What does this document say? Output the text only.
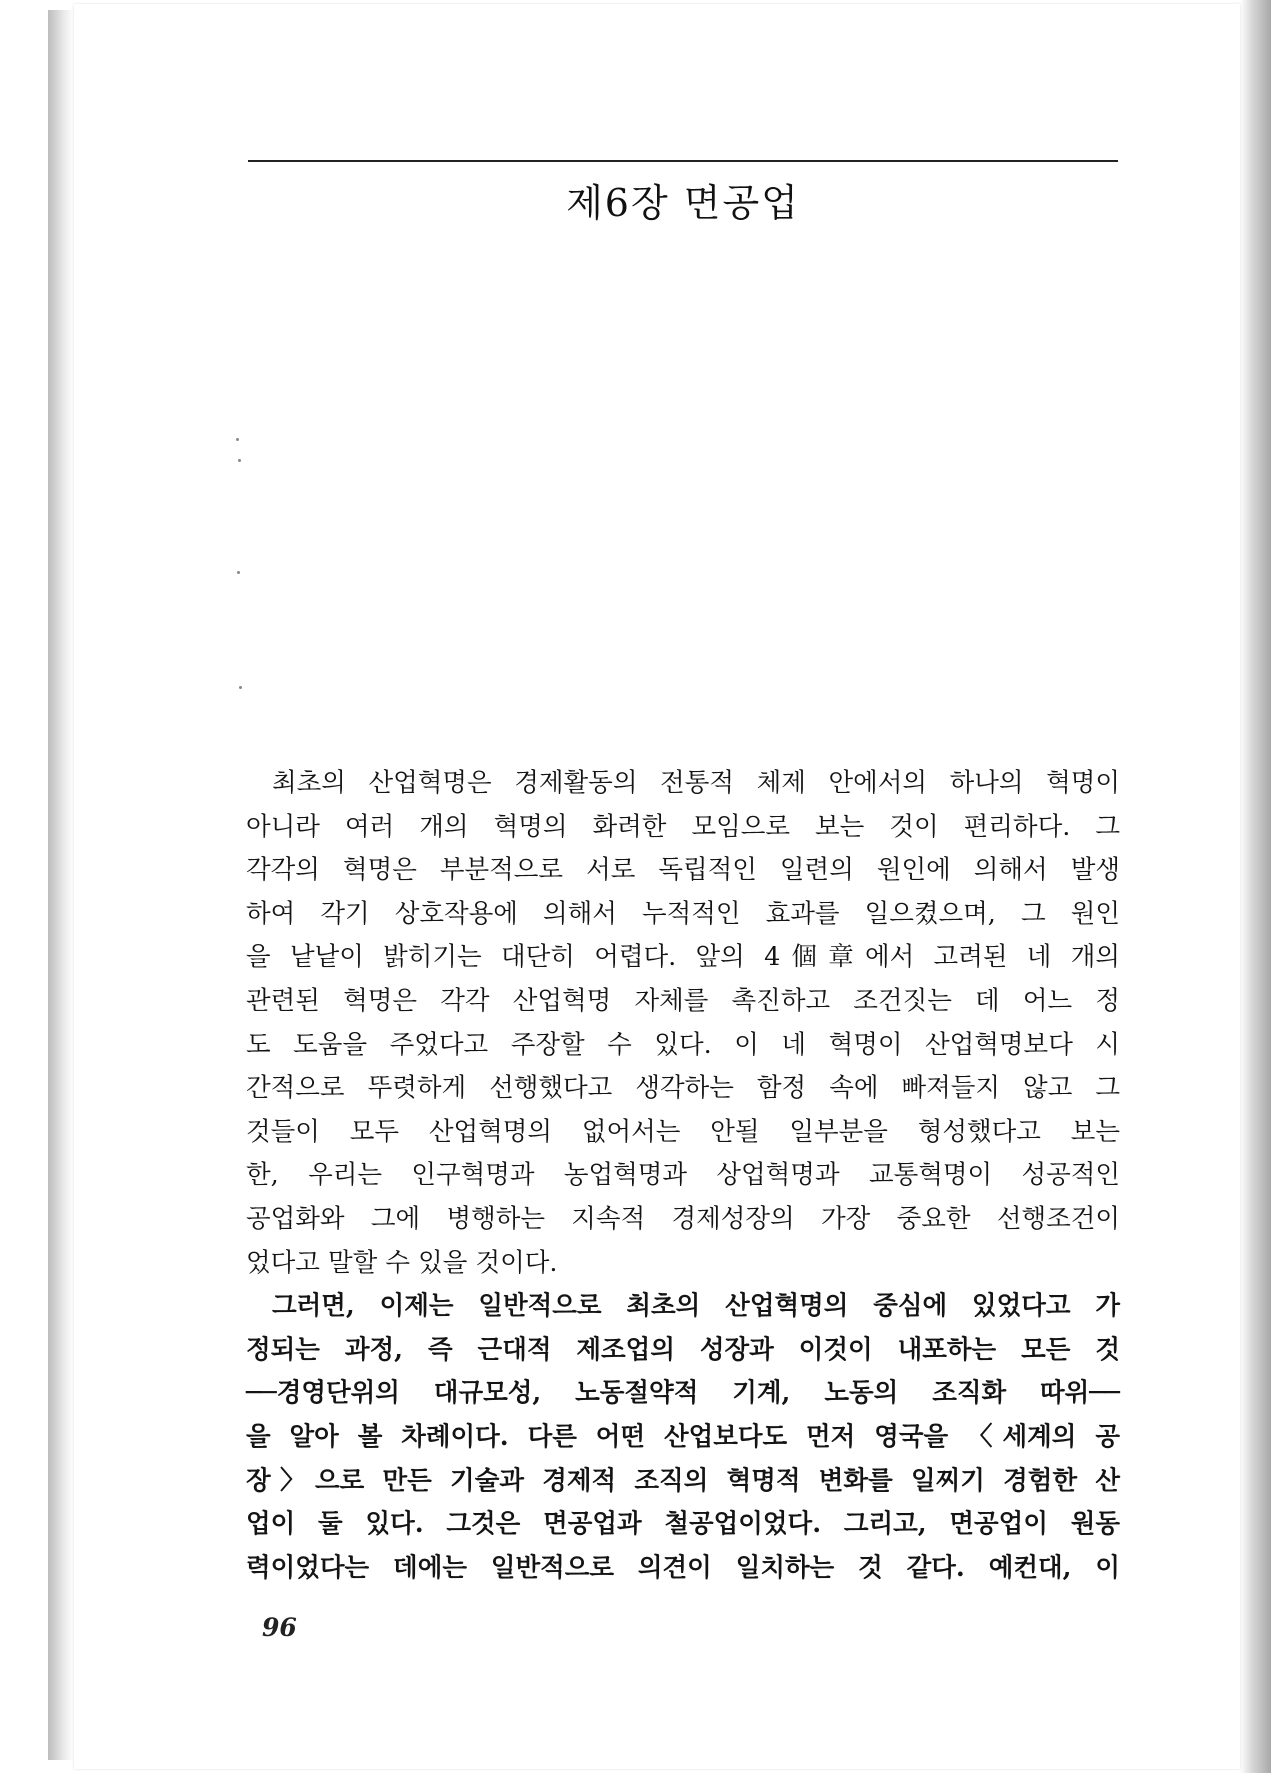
제6장 면공업
최초의 산업혁명은 경제활동의 전통적 체제 안에서의 하나의 혁명이
아니라 여러 개의 혁명의 화려한 모임으로 보는 것이 편리하다. 그
각각의 혁명은 부분적으로 서로 독립적인 일련의 원인에 의해서 발생
하여 각기 상호작용에 의해서 누적적인 효과를 일으켰으며, 그 원인
을 낱낱이 밝히기는 대단히 어렵다. 앞의 4個章에서 고려된 네 개의
관련된 혁명은 각각 산업혁명 자체를 촉진하고 조건짓는 데 어느 정
도 도움을 주었다고 주장할 수 있다. 이 네 혁명이 산업혁명보다 시
간적으로 뚜렷하게 선행했다고 생각하는 함정 속에 빠져들지 않고 그
것들이 모두 산업혁명의 없어서는 안될 일부분을 형성했다고 보는
한, 우리는 인구혁명과 농업혁명과 상업혁명과 교통혁명이 성공적인
공업화와 그에 병행하는 지속적 경제성장의 가장 중요한 선행조건이
었다고 말할 수 있을 것이다.
그러면, 이제는 일반적으로 최초의 산업혁명의 중심에 있었다고 가
정되는 과정, 즉 근대적 제조업의 성장과 이것이 내포하는 모든 것
──경영단위의 대규모성, 노동절약적 기계, 노동의 조직화 따위──
을 알아 볼 차례이다. 다른 어떤 산업보다도 먼저 영국을 〈세계의 공
장〉으로 만든 기술과 경제적 조직의 혁명적 변화를 일찌기 경험한 산
업이 둘 있다. 그것은 면공업과 철공업이었다. 그리고, 면공업이 원동
력이었다는 데에는 일반적으로 의견이 일치하는 것 같다. 예컨대, 이
96
